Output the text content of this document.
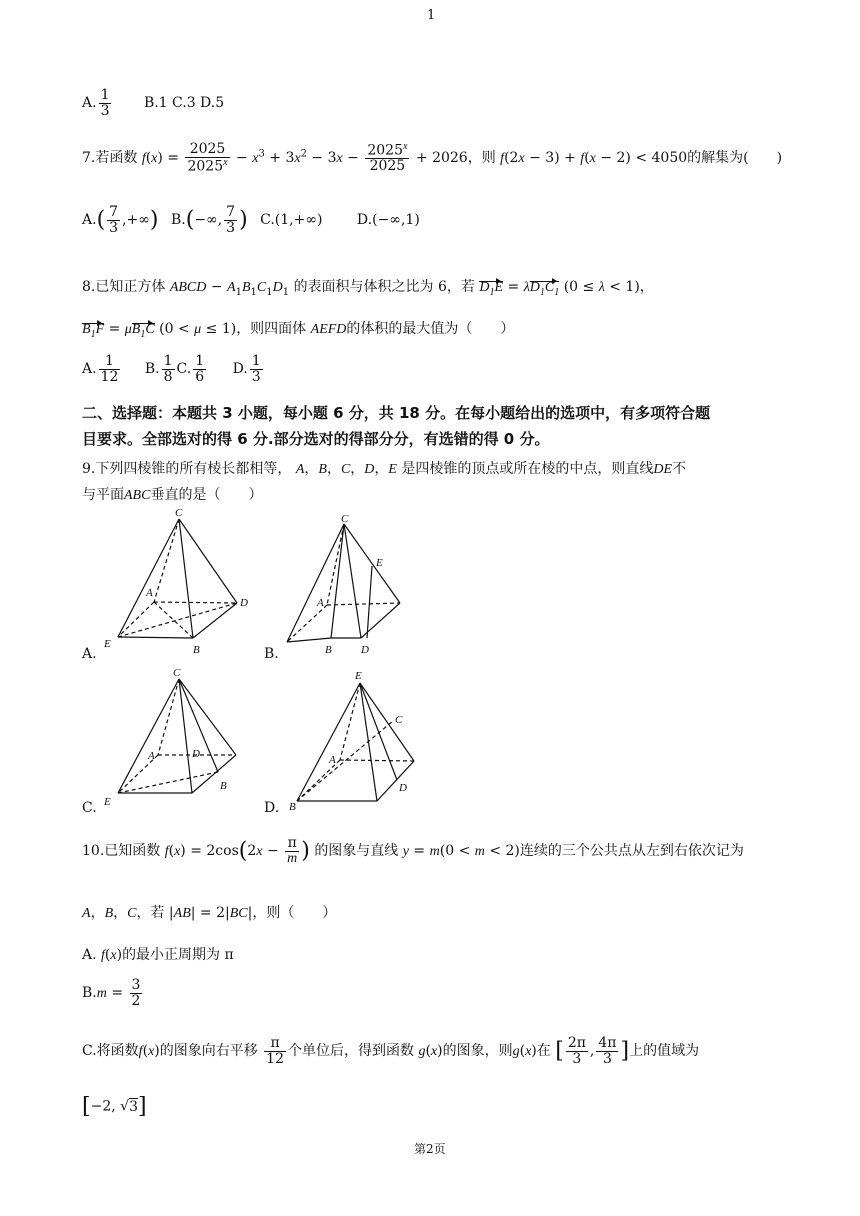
1
A. $\frac{1}{3} B.1$ C.3 D.5
7.若函数 $f(x) = \frac{2025}{2025^x} - x^3 + 3x^2 - 3x - \frac{2025^x}{2025} + 2026$，则 f(2x − 3) + f(x − 2) < 4050的解集为(　　)
$A.( \frac{7}{3}$ ,+∞) B.(−∞, $\frac{7}{3}$ ) C.(1,+∞) D.(−∞,1)
8.已知正方体 ABCD − $A_1B_1C_1D_1$ 的表面积与体积之比为 6，若 $D_1E = \lambda D_1C_1$ (0 ≤ λ < 1)，
$B_1F = \mu B_1C$ (0 < μ ≤ 1)，则四面体 AEFD的体积的最大值为（　　）
A. $\frac{1}{12} B$. $\frac{1}{8} C$. $\frac{1}{6} D$. $\frac{1}{3}$
二、选择题：本题共 3 小题，每小题 6 分，共 18 分。在每小题给出的选项中，有多项符合题
目要求。全部选对的得 6 分.部分选对的得部分分，有选错的得 0 分。
9.下列四棱锥的所有棱长都相等， A，B，C，D，E 是四棱锥的顶点或所在棱的中点，则直线DE不
与平面ABC垂直的是（　　）
C
A
D
E	B
A.
C
E
A
B	D
B.
C
A	D
B
E
C.
E
C
A
D
B
D.
10.已知函数 $f(x) = 2\cos(2x - \frac{\pi}{m}$ ) 的图象与直线 y = m(0 < m < 2)连续的三个公共点从左到右依次记为
A，B，C，若 |AB| = 2|BC|，则（　　）
A. f(x)的最小正周期为 π
$B.m = \frac{3}{2}$
C.将函数f(x)的图象向右平移 $\frac{\pi}{12}$ 个单位后，得到函数 g(x)的图象，则g(x)在 [ $\frac{2\pi}{3}$ , $\frac{4\pi}{3}$ ]上的值域为
[−2, √3]
第2页
